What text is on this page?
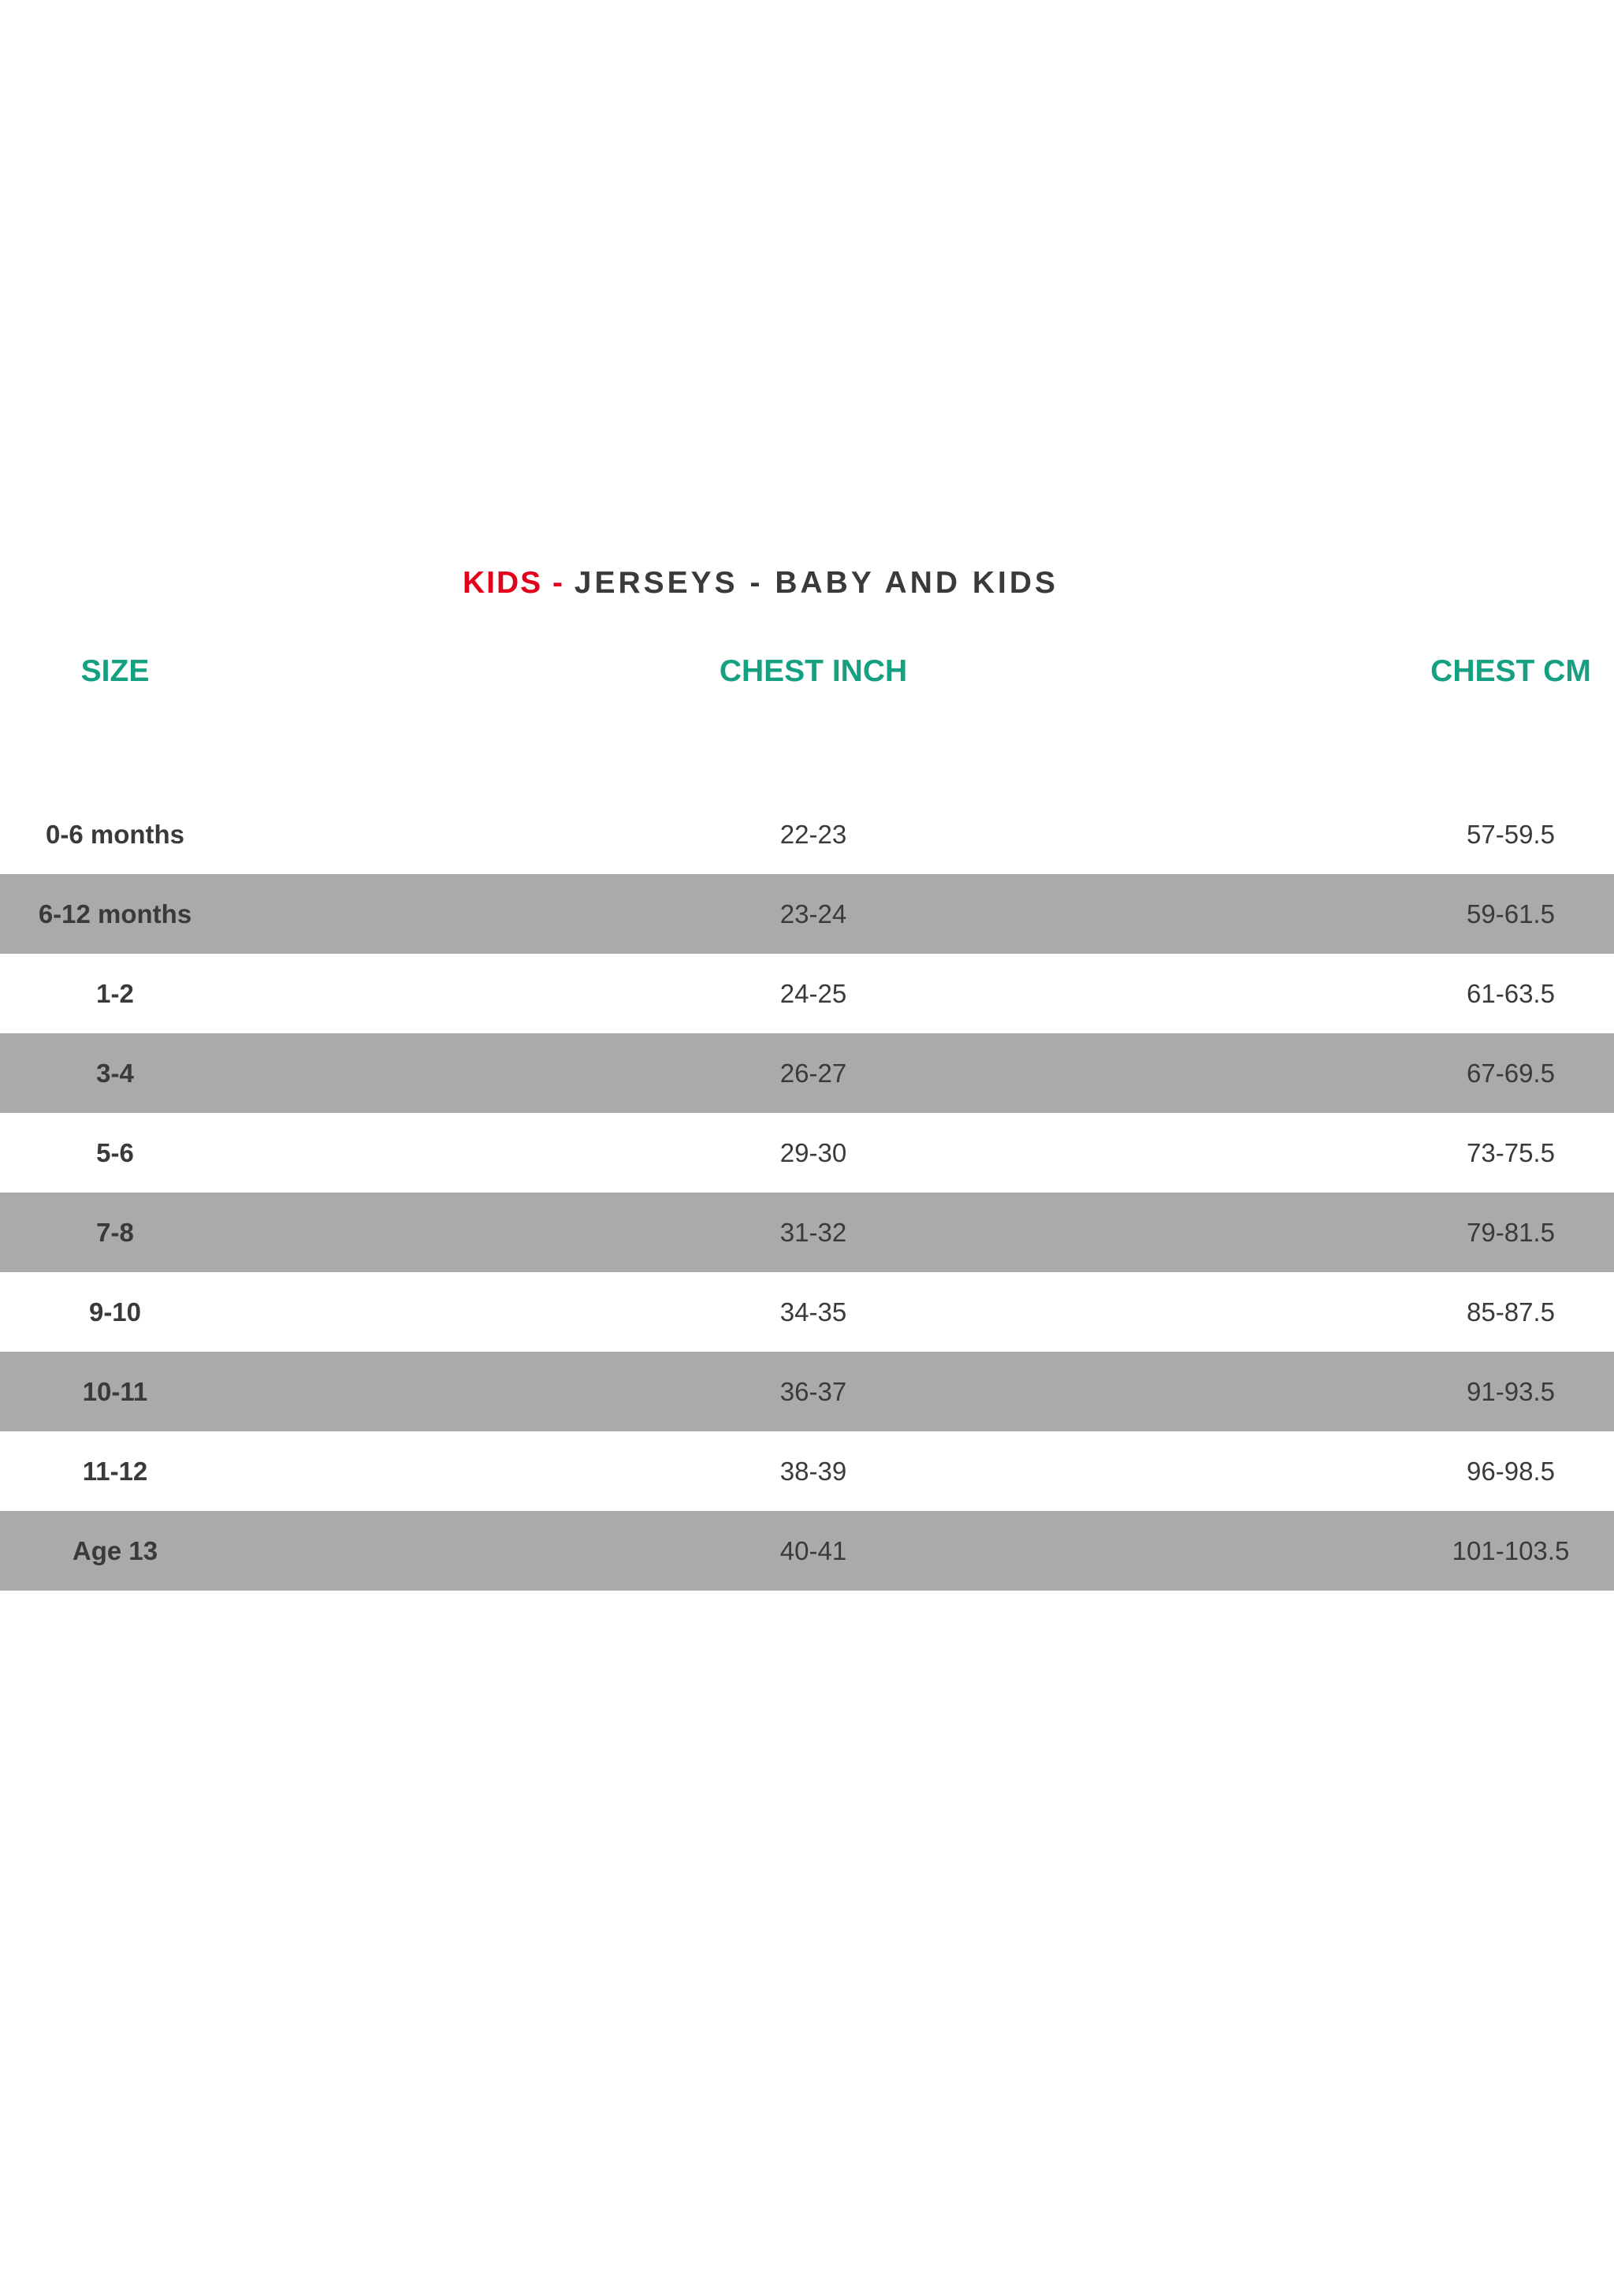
KIDS - JERSEYS - BABY AND KIDS
SIZE	CHEST INCH	CHEST CM
0-6 months	22-23	57-59.5
6-12 months	23-24	59-61.5
1-2	24-25	61-63.5
3-4	26-27	67-69.5
5-6	29-30	73-75.5
7-8	31-32	79-81.5
9-10	34-35	85-87.5
10-11	36-37	91-93.5
11-12	38-39	96-98.5
Age 13	40-41	101-103.5
